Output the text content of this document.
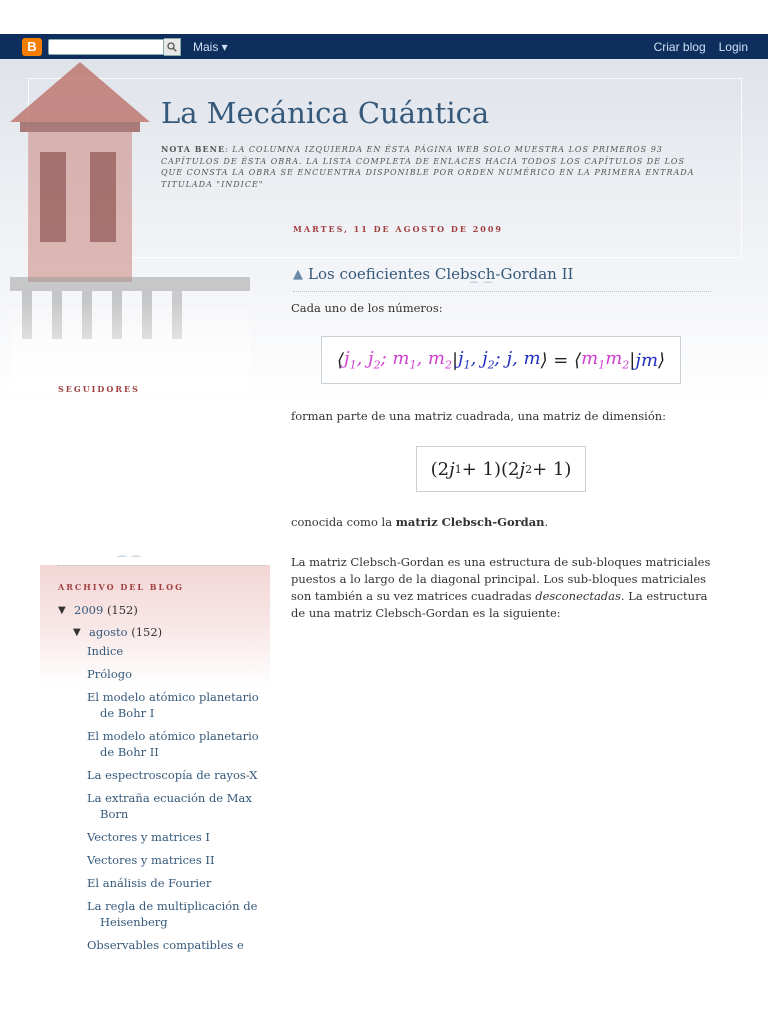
B	Mais ▾	Criar blog Login
La Mecánica Cuántica

NOTA BENE: LA COLUMNA IZQUIERDA EN ÉSTA PÁGINA WEB SOLO MUESTRA LOS PRIMEROS 93 CAPÍTULOS DE ÉSTA OBRA. LA LISTA COMPLETA DE ENLACES HACIA TODOS LOS CAPÍTULOS DE LOS QUE CONSTA LA OBRA SE ENCUENTRA DISPONIBLE POR ORDEN NUMÉRICO EN LA PRIMERA ENTRADA TITULADA "INDICE"

MARTES, 11 DE AGOSTO DE 2009
▲ Los coeficientes Clebsch-Gordan II
⁀⁀
Cada uno de los números:
⟨ $j_1$, $j_2$; $m_1$, $m_2$ | $j_1$, $j_2$; j, m ⟩ = ⟨ $m_1m_2$ | jm ⟩
forman parte de una matriz cuadrada, una matriz de dimensión:
(2 j 1 + 1)(2 j 2 + 1)
conocida como la matriz Clebsch-Gordan.
La matriz Clebsch-Gordan es una estructura de sub-bloques matriciales puestos a lo largo de la diagonal principal. Los sub-bloques matriciales son también a su vez matrices cuadradas desconectadas. La estructura de una matriz Clebsch-Gordan es la siguiente:
SEGUIDORES
⁀⁀
ARCHIVO DEL BLOG
▼ 2009
(152)
▼ agosto
(152)
Indice
Prólogo
El modelo atómico planetario de Bohr I
El modelo atómico planetario de Bohr II
La espectroscopía de rayos-X
La extraña ecuación de Max Born
Vectores y matrices I
Vectores y matrices II
El análisis de Fourier
La regla de multiplicación de Heisenberg
Observables compatibles e
